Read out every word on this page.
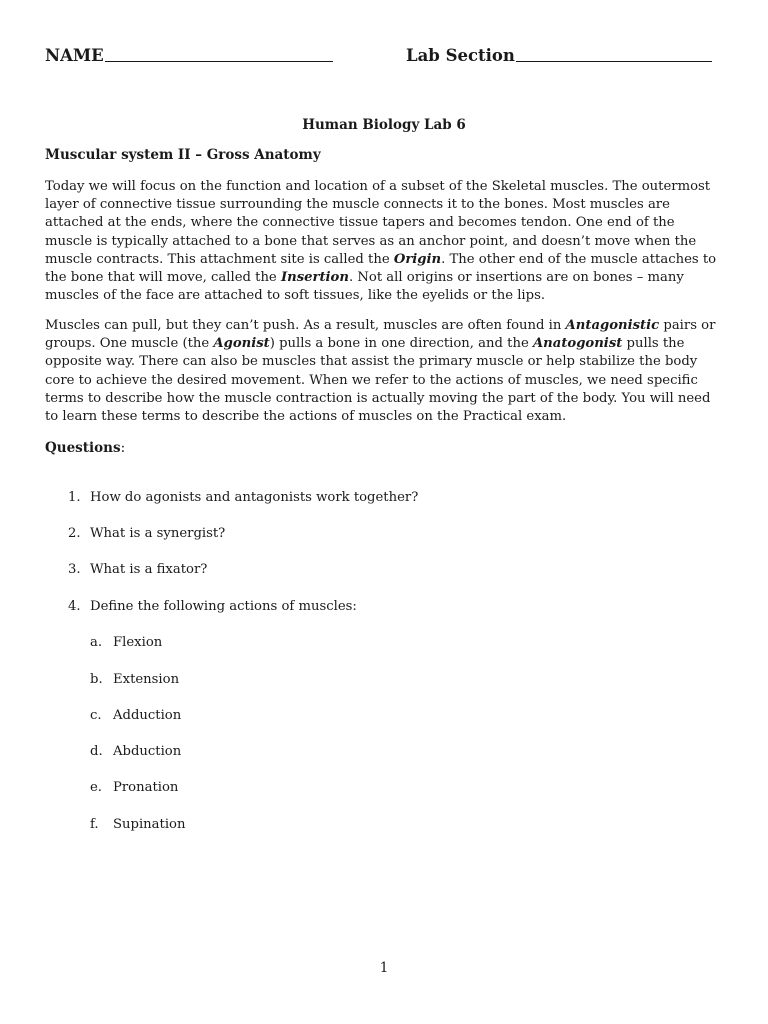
NAME	Lab Section
Human Biology Lab 6
Muscular system II – Gross Anatomy

Today we will focus on the function and location of a subset of the Skeletal muscles. The outermost layer of connective tissue surrounding the muscle connects it to the bones. Most muscles are attached at the ends, where the connective tissue tapers and becomes tendon. One end of the muscle is typically attached to a bone that serves as an anchor point, and doesn’t move when the muscle contracts. This attachment site is called the Origin. The other end of the muscle attaches to the bone that will move, called the Insertion. Not all origins or insertions are on bones – many muscles of the face are attached to soft tissues, like the eyelids or the lips.

Muscles can pull, but they can’t push. As a result, muscles are often found in Antagonistic pairs or groups. One muscle (the Agonist) pulls a bone in one direction, and the Anatogonist pulls the opposite way. There can also be muscles that assist the primary muscle or help stabilize the body core to achieve the desired movement. When we refer to the actions of muscles, we need specific terms to describe how the muscle contraction is actually moving the part of the body. You will need to learn these terms to describe the actions of muscles on the Practical exam.

Questions:
1. How do agonists and antagonists work together?
2. What is a synergist?
3. What is a fixator?
4. Define the following actions of muscles:
a. Flexion
b. Extension
c. Adduction
d. Abduction
e. Pronation
f. Supination
1
